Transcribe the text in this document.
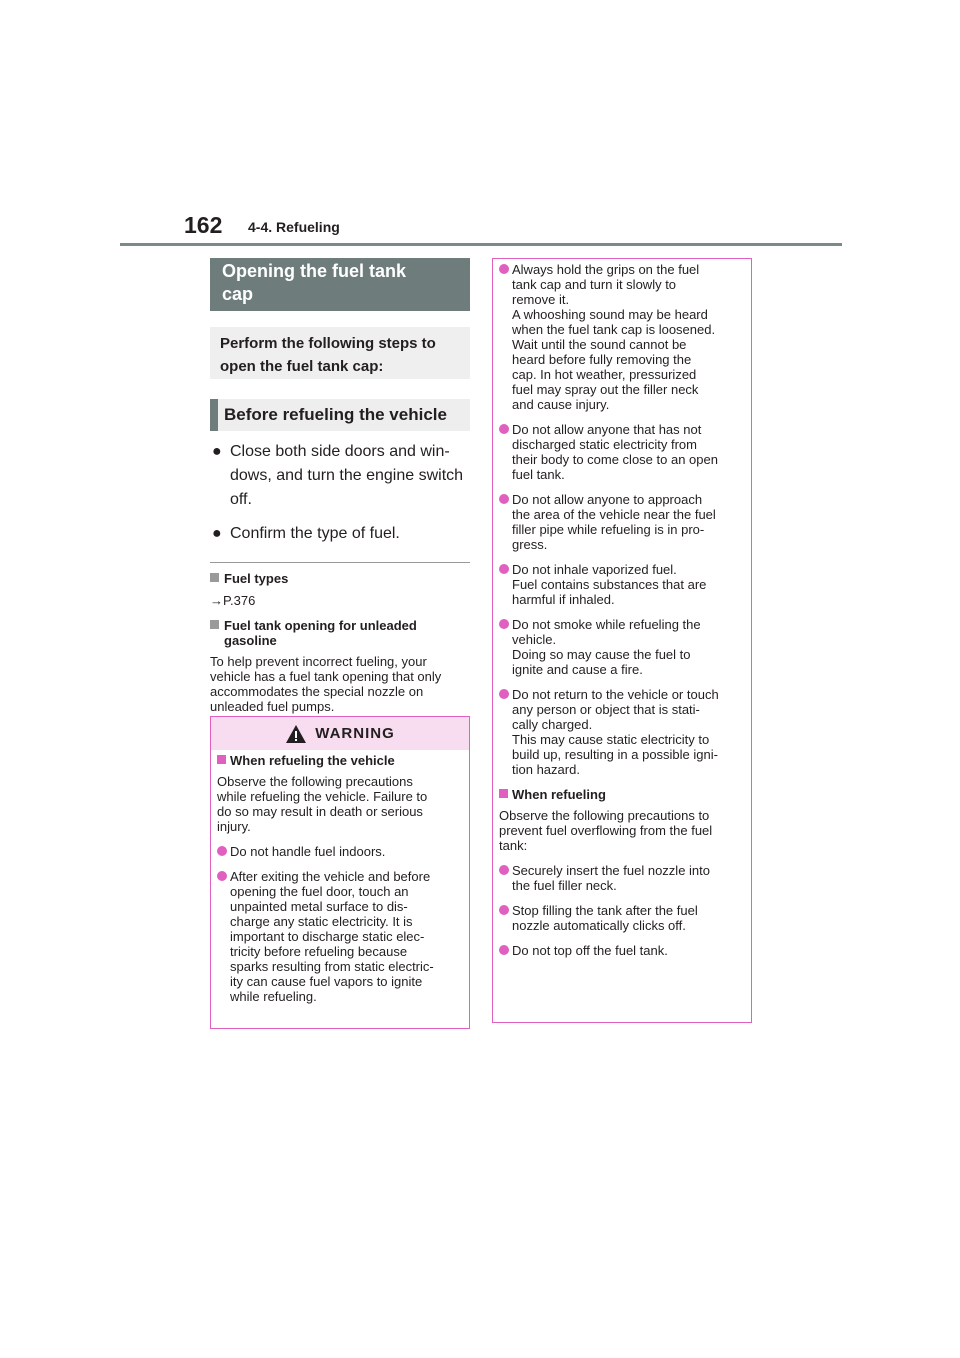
162 4-4. Refueling
Opening the fuel tank
cap
Perform the following steps to
open the fuel tank cap:
Before refueling the vehicle
● Close both side doors and win-
dows, and turn the engine switch
off.
● Confirm the type of fuel.
Fuel types
→P.376
Fuel tank opening for unleaded
gasoline
To help prevent incorrect fueling, your
vehicle has a fuel tank opening that only
accommodates the special nozzle on
unleaded fuel pumps.
WARNING
When refueling the vehicle
Observe the following precautions
while refueling the vehicle. Failure to
do so may result in death or serious
injury.
Do not handle fuel indoors.
After exiting the vehicle and before
opening the fuel door, touch an
unpainted metal surface to dis-
charge any static electricity. It is
important to discharge static elec-
tricity before refueling because
sparks resulting from static electric-
ity can cause fuel vapors to ignite
while refueling.
Always hold the grips on the fuel
tank cap and turn it slowly to
remove it.
A whooshing sound may be heard
when the fuel tank cap is loosened.
Wait until the sound cannot be
heard before fully removing the
cap. In hot weather, pressurized
fuel may spray out the filler neck
and cause injury.
Do not allow anyone that has not
discharged static electricity from
their body to come close to an open
fuel tank.
Do not allow anyone to approach
the area of the vehicle near the fuel
filler pipe while refueling is in pro-
gress.
Do not inhale vaporized fuel.
Fuel contains substances that are
harmful if inhaled.
Do not smoke while refueling the
vehicle.
Doing so may cause the fuel to
ignite and cause a fire.
Do not return to the vehicle or touch
any person or object that is stati-
cally charged.
This may cause static electricity to
build up, resulting in a possible igni-
tion hazard.
When refueling
Observe the following precautions to
prevent fuel overflowing from the fuel
tank:
Securely insert the fuel nozzle into
the fuel filler neck.
Stop filling the tank after the fuel
nozzle automatically clicks off.
Do not top off the fuel tank.
